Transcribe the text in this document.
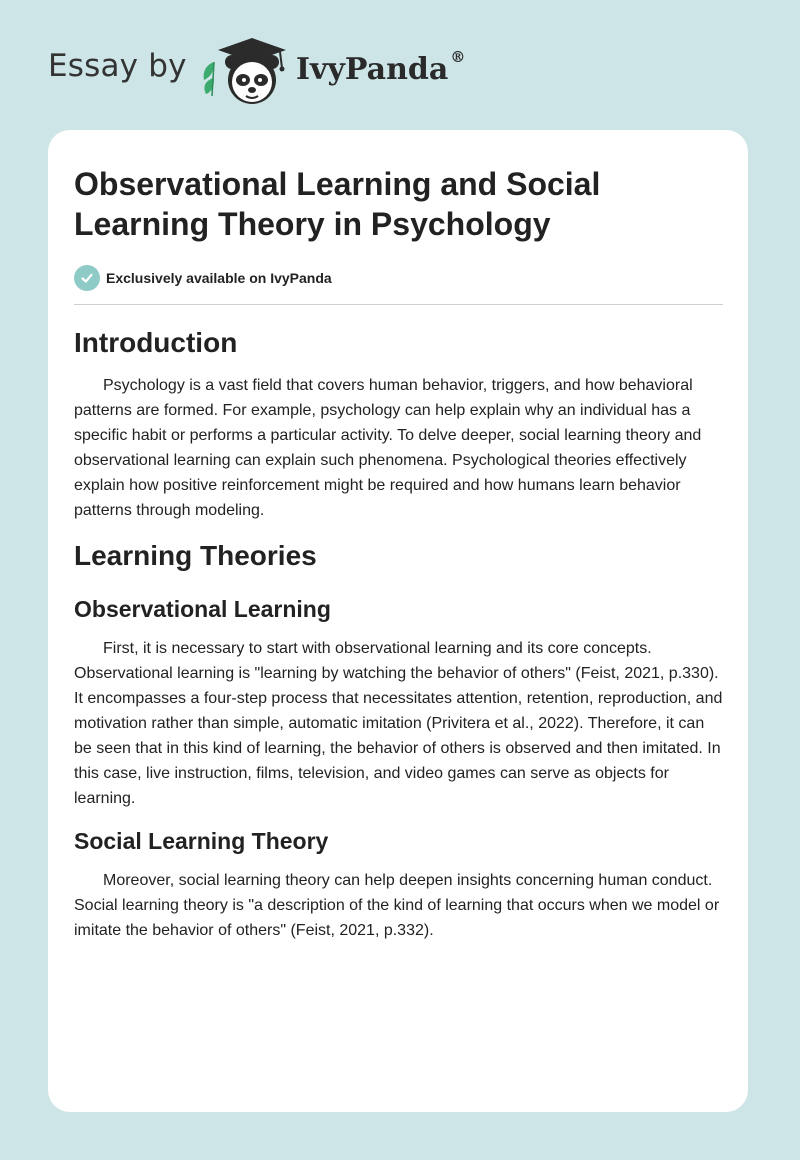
Essay by	IvyPanda ®
Observational Learning and Social Learning Theory in Psychology
Exclusively available on IvyPanda
Introduction

Psychology is a vast field that covers human behavior, triggers, and how behavioral patterns are formed. For example, psychology can help explain why an individual has a specific habit or performs a particular activity. To delve deeper, social learning theory and observational learning can explain such phenomena. Psychological theories effectively explain how positive reinforcement might be required and how humans learn behavior patterns through modeling.

Learning Theories
Observational Learning

First, it is necessary to start with observational learning and its core concepts. Observational learning is "learning by watching the behavior of others" (Feist, 2021, p.330). It encompasses a four-step process that necessitates attention, retention, reproduction, and motivation rather than simple, automatic imitation (Privitera et al., 2022). Therefore, it can be seen that in this kind of learning, the behavior of others is observed and then imitated. In this case, live instruction, films, television, and video games can serve as objects for learning.

Social Learning Theory

Moreover, social learning theory can help deepen insights concerning human conduct. Social learning theory is "a description of the kind of learning that occurs when we model or imitate the behavior of others" (Feist, 2021, p.332).
